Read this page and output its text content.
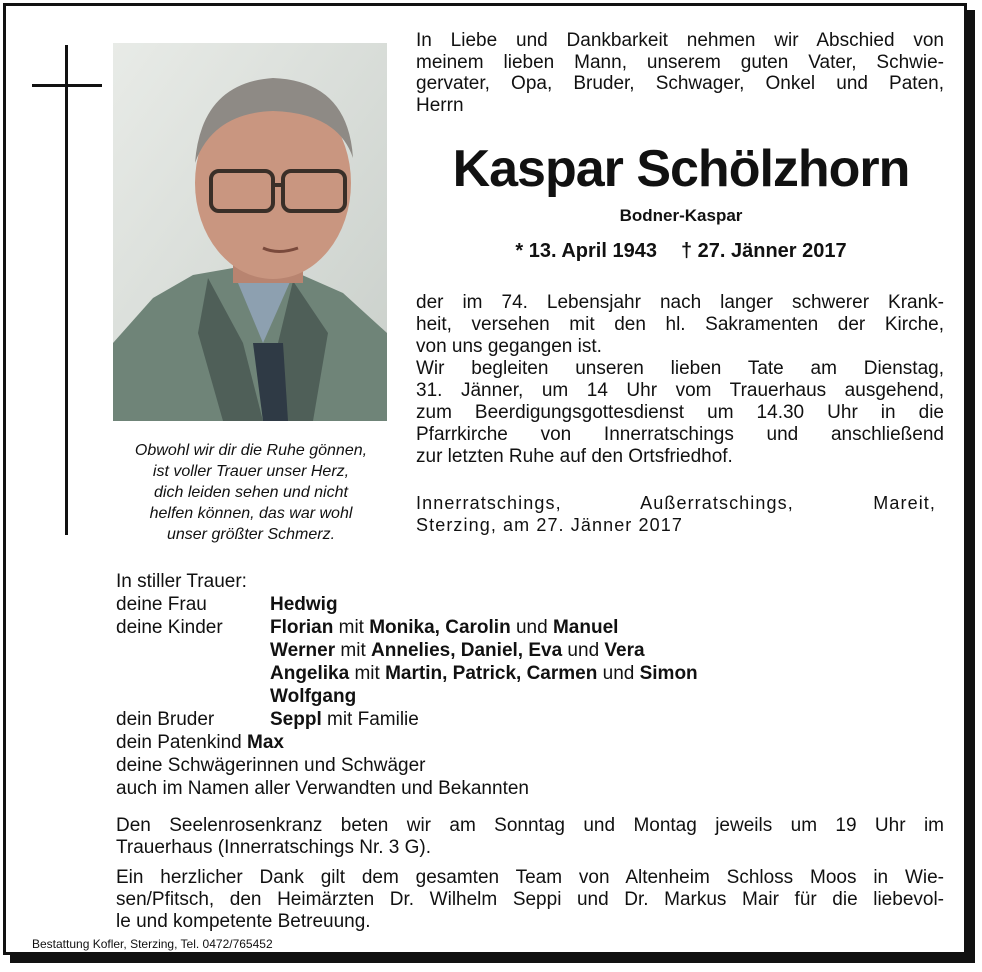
Obwohl wir dir die Ruhe gönnen,
ist voller Trauer unser Herz,
dich leiden sehen und nicht
helfen können, das war wohl
unser größter Schmerz.
In Liebe und Dankbarkeit nehmen wir Abschied von
meinem lieben Mann, unserem guten Vater, Schwie-
gervater, Opa, Bruder, Schwager, Onkel und Paten,
Herrn
Kaspar Schölzhorn
Bodner-Kaspar
* 13. April 1943 † 27. Jänner 2017
der im 74. Lebensjahr nach langer schwerer Krank-
heit, versehen mit den hl. Sakramenten der Kirche,
von uns gegangen ist.
Wir begleiten unseren lieben Tate am Dienstag,
31. Jänner, um 14 Uhr vom Trauerhaus ausgehend,
zum Beerdigungsgottesdienst um 14.30 Uhr in die
Pfarrkirche von Innerratschings und anschließend
zur letzten Ruhe auf den Ortsfriedhof.
Innerratschings, Außerratschings, Mareit,
Sterzing, am 27. Jänner 2017
In stiller Trauer:
deine Frau	Hedwig
deine Kinder	Florian mit Monika, Carolin und Manuel
Werner mit Annelies, Daniel, Eva und Vera
Angelika mit Martin, Patrick, Carmen und Simon
Wolfgang
dein Bruder	Seppl mit Familie
dein Patenkind
Max
deine Schwägerinnen und Schwäger
auch im Namen aller Verwandten und Bekannten
Den Seelenrosenkranz beten wir am Sonntag und Montag jeweils um 19 Uhr im
Trauerhaus (Innerratschings Nr. 3 G).
Ein herzlicher Dank gilt dem gesamten Team von Altenheim Schloss Moos in Wie-
sen/Pfitsch, den Heimärzten Dr. Wilhelm Seppi und Dr. Markus Mair für die liebevol-
le und kompetente Betreuung.
Bestattung Kofler, Sterzing, Tel. 0472/765452
